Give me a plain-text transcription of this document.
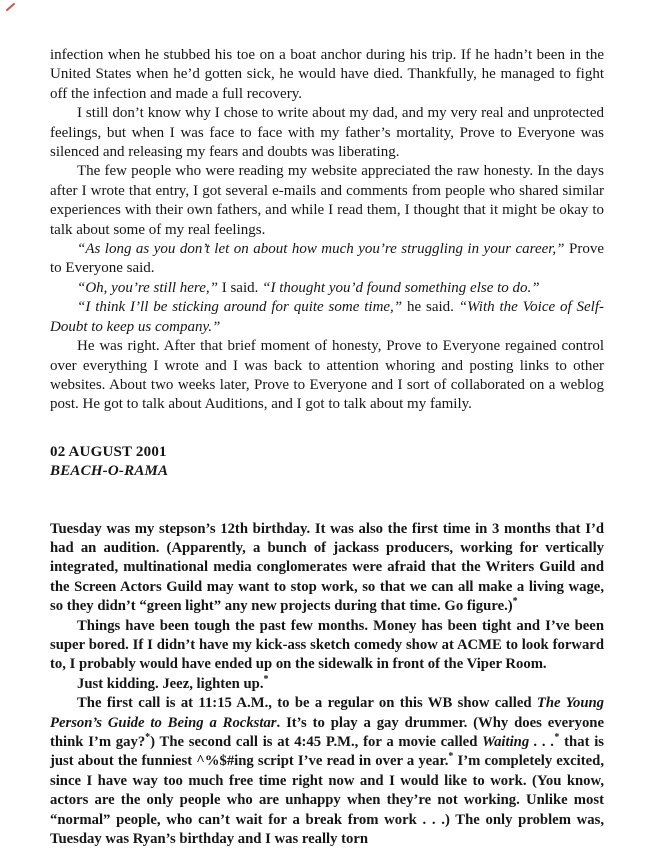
infection when he stubbed his toe on a boat anchor during his trip. If he hadn’t been in the United States when he’d gotten sick, he would have died. Thankfully, he managed to fight off the infection and made a full recovery.

I still don’t know why I chose to write about my dad, and my very real and unprotected feelings, but when I was face to face with my father’s mortality, Prove to Everyone was silenced and releasing my fears and doubts was liberating.

The few people who were reading my website appreciated the raw honesty. In the days after I wrote that entry, I got several e-mails and comments from people who shared similar experiences with their own fathers, and while I read them, I thought that it might be okay to talk about some of my real feelings.

“As long as you don’t let on about how much you’re struggling in your career,” Prove to Everyone said.

“Oh, you’re still here,” I said. “I thought you’d found something else to do.”

“I think I’ll be sticking around for quite some time,” he said. “With the Voice of Self-Doubt to keep us company.”

He was right. After that brief moment of honesty, Prove to Everyone regained control over everything I wrote and I was back to attention whoring and posting links to other websites. About two weeks later, Prove to Everyone and I sort of collaborated on a weblog post. He got to talk about Auditions, and I got to talk about my family.

02 AUGUST 2001

BEACH-O-RAMA

Tuesday was my stepson’s 12th birthday. It was also the first time in 3 months that I’d had an audition. (Apparently, a bunch of jackass producers, working for vertically integrated, multinational media conglomerates were afraid that the Writers Guild and the Screen Actors Guild may want to stop work, so that we can all make a living wage, so they didn’t “green light” any new projects during that time. Go figure.)*

Things have been tough the past few months. Money has been tight and I’ve been super bored. If I didn’t have my kick-ass sketch comedy show at ACME to look forward to, I probably would have ended up on the sidewalk in front of the Viper Room.

Just kidding. Jeez, lighten up.*

The first call is at 11:15 A.M., to be a regular on this WB show called The Young Person’s Guide to Being a Rockstar. It’s to play a gay drummer. (Why does everyone think I’m gay?*) The second call is at 4:45 P.M., for a movie called Waiting . . .* that is just about the funniest ^%$#ing script I’ve read in over a year.* I’m completely excited, since I have way too much free time right now and I would like to work. (You know, actors are the only people who are unhappy when they’re not working. Unlike most “normal” people, who can’t wait for a break from work . . .) The only problem was, Tuesday was Ryan’s birthday and I was really torn
